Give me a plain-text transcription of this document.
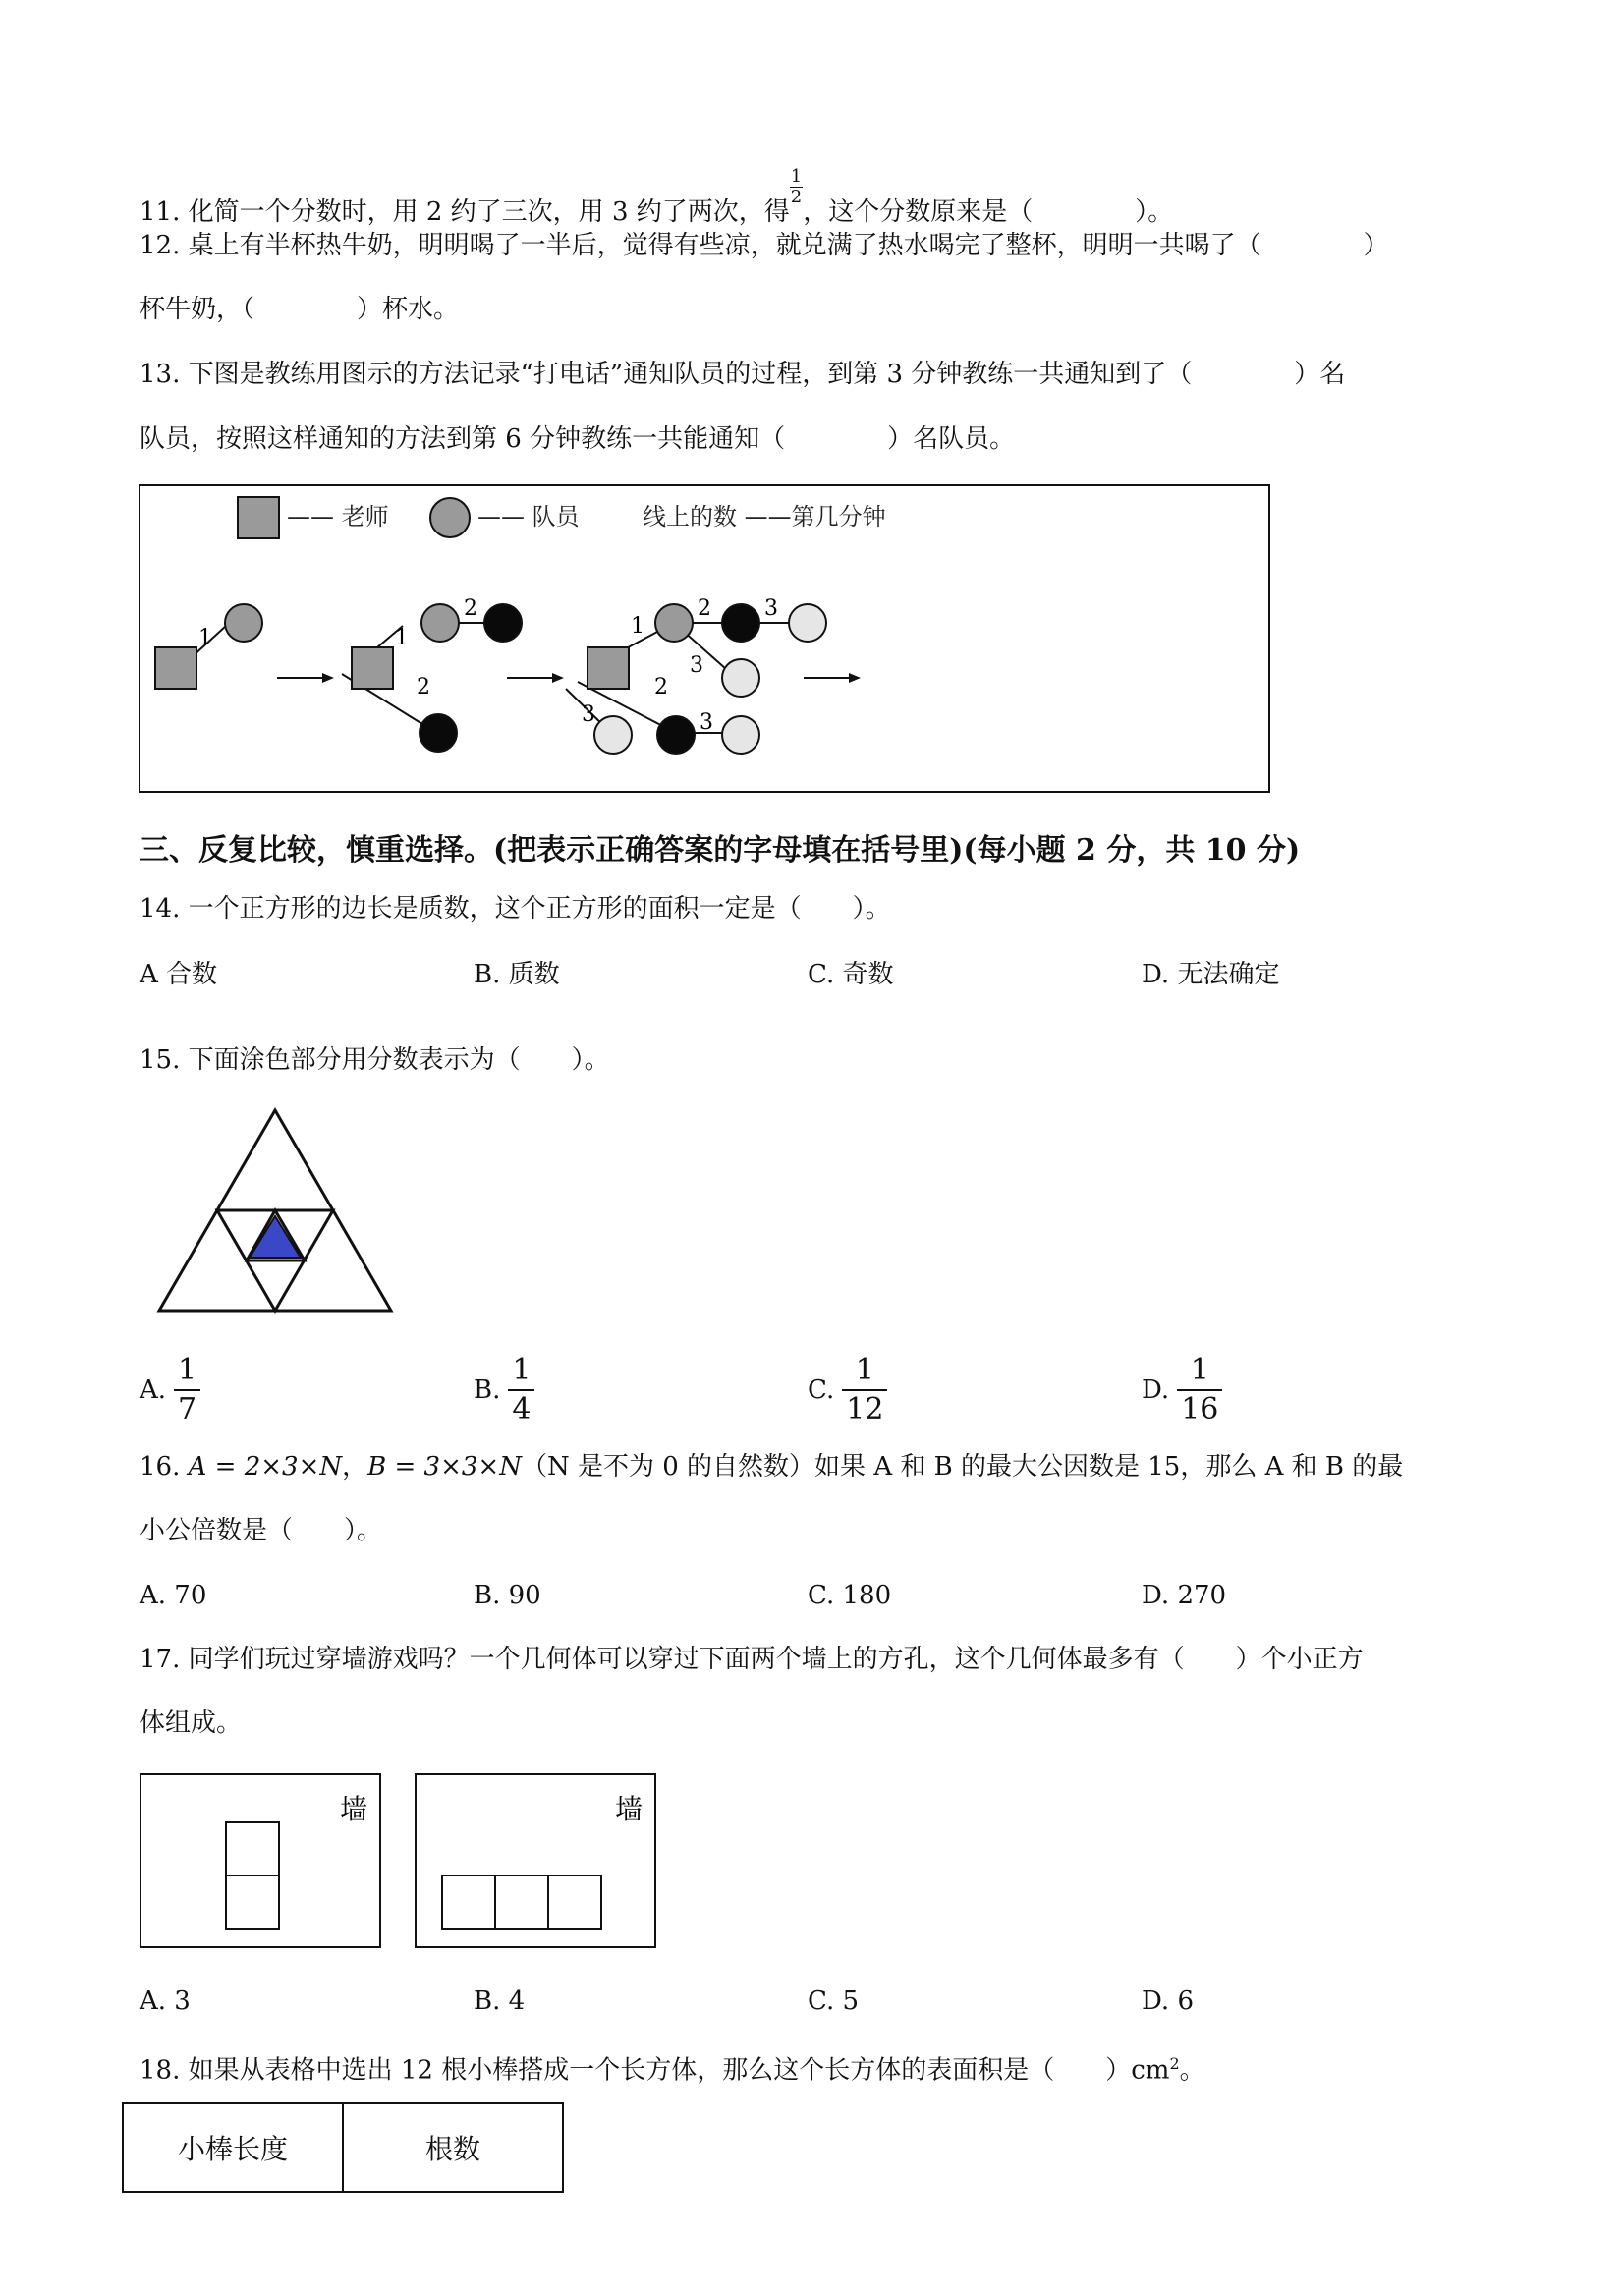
11. 化简一个分数时，用 2 约了三次，用 3 约了两次，得
$\frac{1}{2}$
，这个分数原来是（　　　　）。
12. 桌上有半杯热牛奶，明明喝了一半后，觉得有些凉，就兑满了热水喝完了整杯，明明一共喝了（　　　　）
杯牛奶，（　　　　）杯水。
13. 下图是教练用图示的方法记录“打电话”通知队员的过程，到第 3 分钟教练一共通知到了（　　　　）名
队员，按照这样通知的方法到第 6 分钟教练一共能通知（　　　　）名队员。
—— 老师	—— 队员	线上的数 ——第几分钟
1	1
2
2
1
2 3
3
2
3	3
三、反复比较，慎重选择。(把表示正确答案的字母填在括号里)(每小题 2 分，共 10 分)
14. 一个正方形的边长是质数，这个正方形的面积一定是（　　）。
A 合数	B. 质数	C. 奇数	D. 无法确定
15. 下面涂色部分用分数表示为（　　）。
A. $\frac{1}{7}$	B. $\frac{1}{4}$	C. $\frac{1}{12}$	D. $\frac{1}{16}$
16. A = 2×3×N，B = 3×3×N（N 是不为 0 的自然数）如果 A 和 B 的最大公因数是 15，那么 A 和 B 的最
小公倍数是（　　）。
A. 70	B. 90	C. 180	D. 270
17. 同学们玩过穿墙游戏吗？一个几何体可以穿过下面两个墙上的方孔，这个几何体最多有（　　）个小正方
体组成。
墙	墙
A. 3	B. 4	C. 5	D. 6
18. 如果从表格中选出 12 根小棒搭成一个长方体，那么这个长方体的表面积是（　　）$cm^2$。
小棒长度	根数
